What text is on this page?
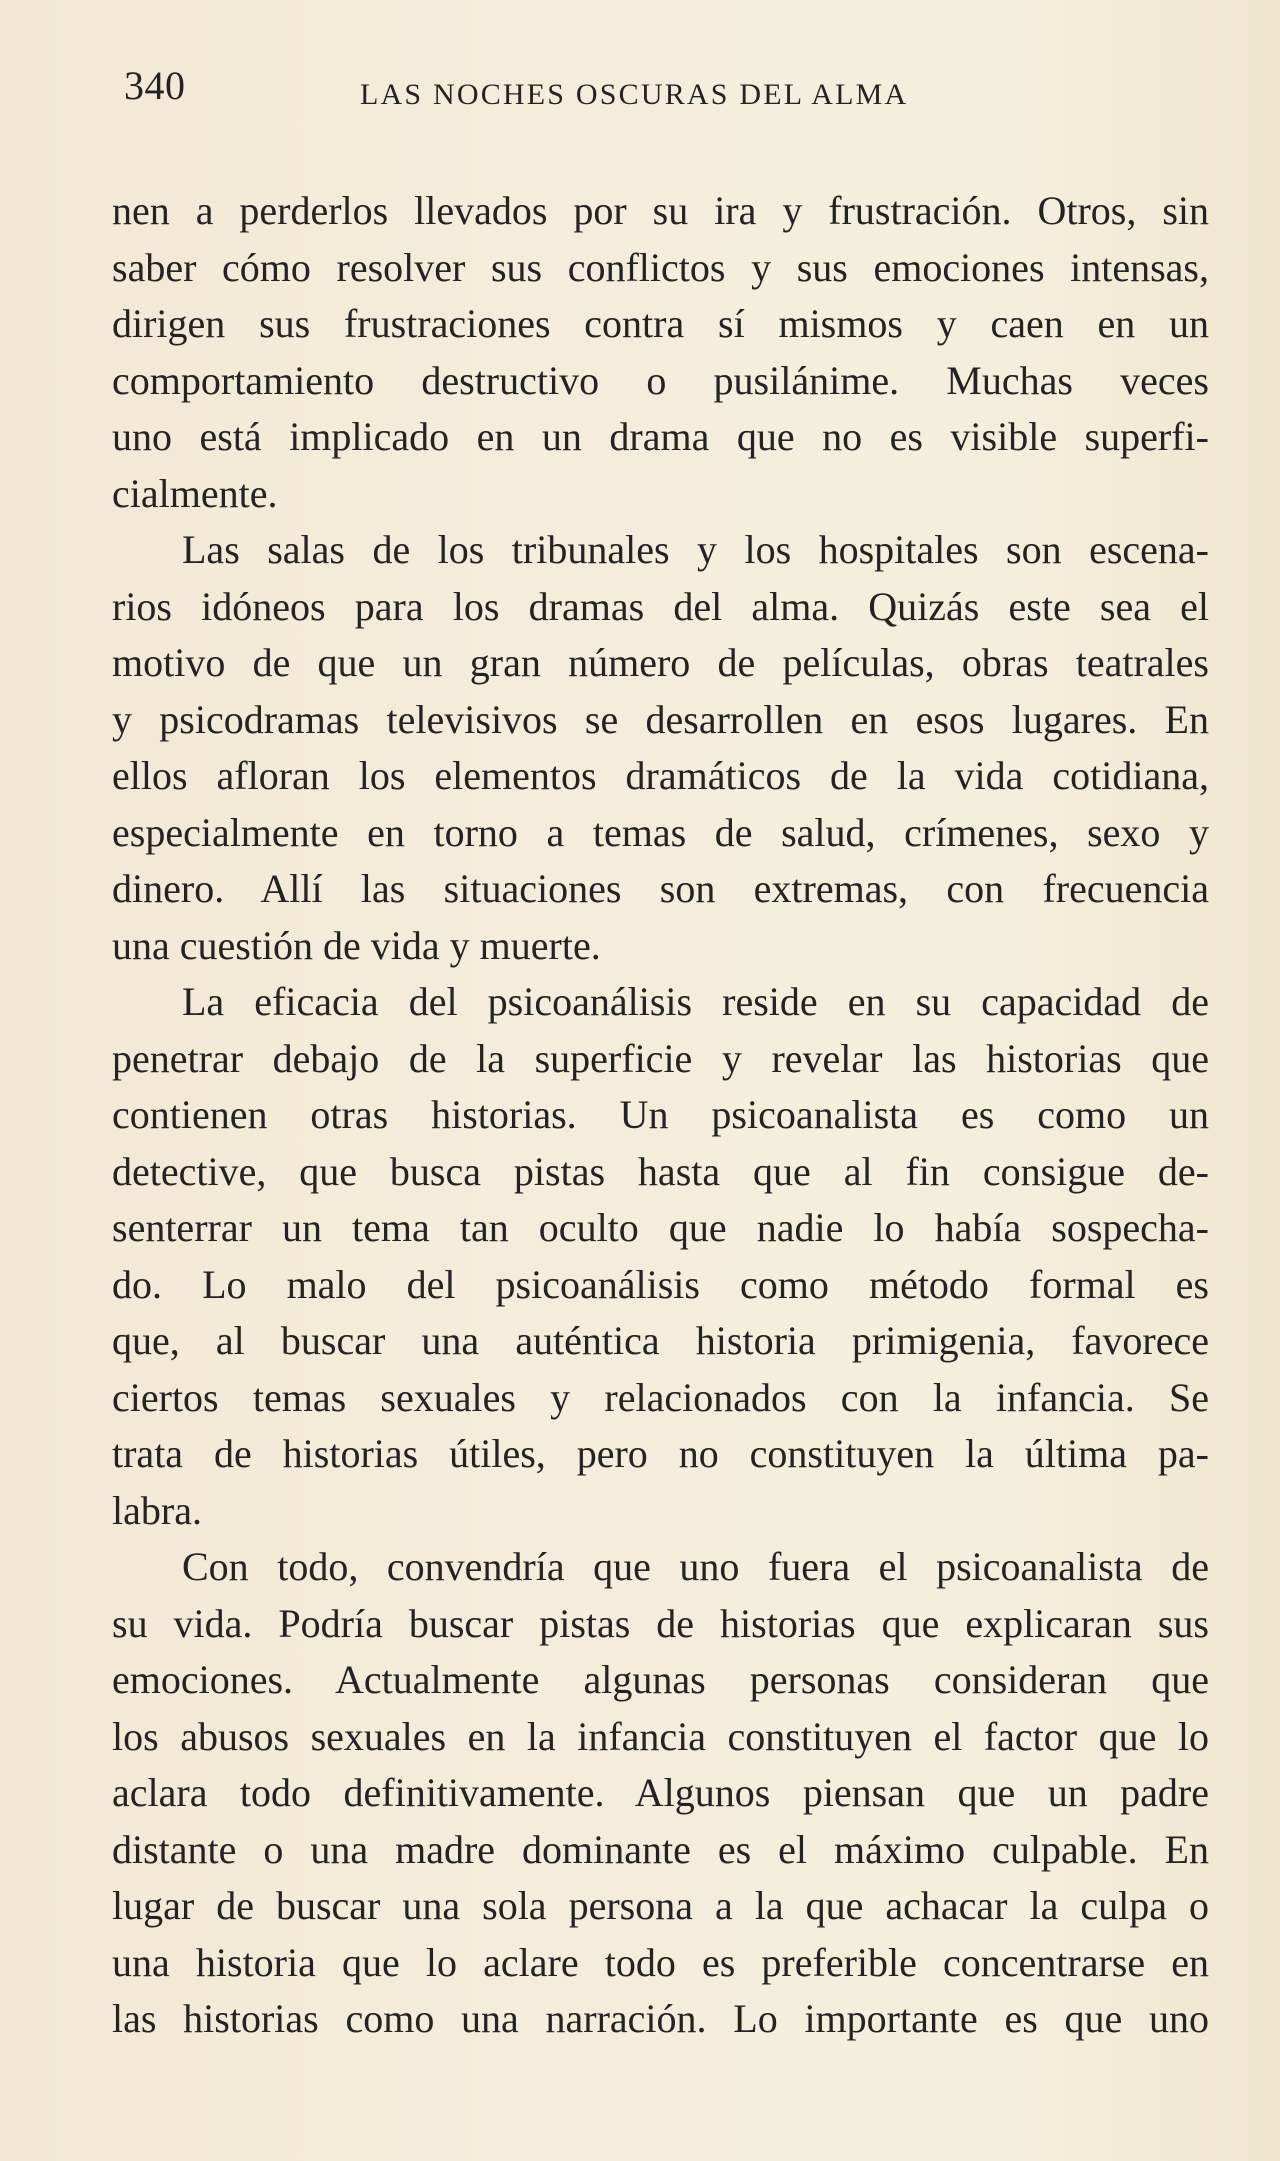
340	LAS NOCHES OSCURAS DEL ALMA
nen a perderlos llevados por su ira y frustración. Otros, sin
saber cómo resolver sus conflictos y sus emociones intensas,
dirigen sus frustraciones contra sí mismos y caen en un
comportamiento destructivo o pusilánime. Muchas veces
uno está implicado en un drama que no es visible superfi-
cialmente.
Las salas de los tribunales y los hospitales son escena-
rios idóneos para los dramas del alma. Quizás este sea el
motivo de que un gran número de películas, obras teatrales
y psicodramas televisivos se desarrollen en esos lugares. En
ellos afloran los elementos dramáticos de la vida cotidiana,
especialmente en torno a temas de salud, crímenes, sexo y
dinero. Allí las situaciones son extremas, con frecuencia
una cuestión de vida y muerte.
La eficacia del psicoanálisis reside en su capacidad de
penetrar debajo de la superficie y revelar las historias que
contienen otras historias. Un psicoanalista es como un
detective, que busca pistas hasta que al fin consigue de-
senterrar un tema tan oculto que nadie lo había sospecha-
do. Lo malo del psicoanálisis como método formal es
que, al buscar una auténtica historia primigenia, favorece
ciertos temas sexuales y relacionados con la infancia. Se
trata de historias útiles, pero no constituyen la última pa-
labra.
Con todo, convendría que uno fuera el psicoanalista de
su vida. Podría buscar pistas de historias que explicaran sus
emociones. Actualmente algunas personas consideran que
los abusos sexuales en la infancia constituyen el factor que lo
aclara todo definitivamente. Algunos piensan que un padre
distante o una madre dominante es el máximo culpable. En
lugar de buscar una sola persona a la que achacar la culpa o
una historia que lo aclare todo es preferible concentrarse en
las historias como una narración. Lo importante es que uno
